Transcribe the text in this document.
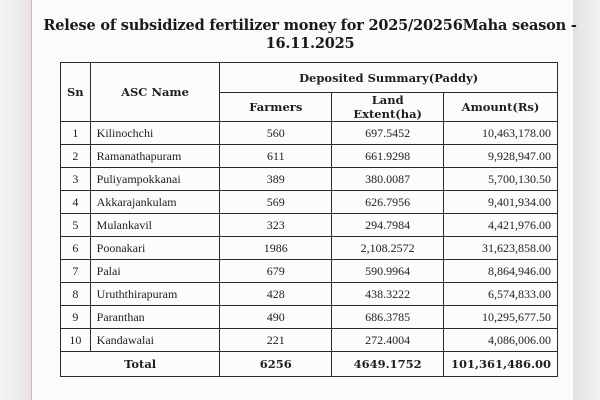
Relese of subsidized fertilizer money for 2025/20256Maha season -
16.11.2025
Sn	ASC Name	Deposited Summary(Paddy)		
		Farmers	Land Extent(ha)	Amount(Rs)
1	Kilinochchi	560	697.5452	10,463,178.00
2	Ramanathapuram	611	661.9298	9,928,947.00
3	Puliyampokkanai	389	380.0087	5,700,130.50
4	Akkarajankulam	569	626.7956	9,401,934.00
5	Mulankavil	323	294.7984	4,421,976.00
6	Poonakari	1986	2,108.2572	31,623,858.00
7	Palai	679	590.9964	8,864,946.00
8	Uruththirapuram	428	438.3222	6,574,833.00
9	Paranthan	490	686.3785	10,295,677.50
10	Kandawalai	221	272.4004	4,086,006.00
Total		6256	4649.1752	101,361,486.00
